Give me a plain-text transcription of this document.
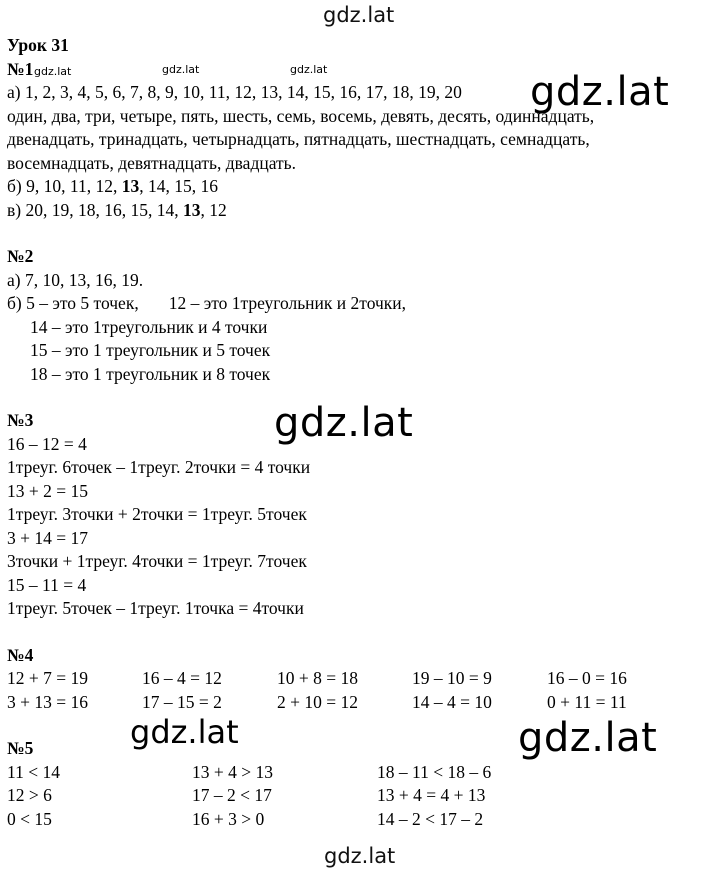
gdz.lat
gdz.lat	gdz.lat	gdz.lat	gdz.lat
gdz.lat
gdz.lat	gdz.lat
gdz.lat
Урок 31
№1
а) 1, 2, 3, 4, 5, 6, 7, 8, 9, 10, 11, 12, 13, 14, 15, 16, 17, 18, 19, 20
один, два, три, четыре, пять, шесть, семь, восемь, девять, десять, одиннадцать,
двенадцать, тринадцать, четырнадцать, пятнадцать, шестнадцать, семнадцать,
восемнадцать, девятнадцать, двадцать.
б) 9, 10, 11, 12, 13, 14, 15, 16
в) 20, 19, 18, 16, 15, 14, 13, 12
№2
а) 7, 10, 13, 16, 19.
б) 5 – это 5 точек, 12 – это 1треугольник и 2точки,
14 – это 1треугольник и 4 точки
15 – это 1 треугольник и 5 точек
18 – это 1 треугольник и 8 точек
№3
16 – 12 = 4
1треуг. 6точек – 1треуг. 2точки = 4 точки
13 + 2 = 15
1треуг. 3точки + 2точки = 1треуг. 5точек
3 + 14 = 17
3точки + 1треуг. 4точки = 1треуг. 7точек
15 – 11 = 4
1треуг. 5точек – 1треуг. 1точка = 4точки
№4
12 + 7 = 19	16 – 4 = 12	10 + 8 = 18	19 – 10 = 9	16 – 0 = 16
3 + 13 = 16	17 – 15 = 2	2 + 10 = 12	14 – 4 = 10	0 + 11 = 11
№5
11 < 14	13 + 4 > 13	18 – 11 < 18 – 6
12 > 6	17 – 2 < 17	13 + 4 = 4 + 13
0 < 15	16 + 3 > 0	14 – 2 < 17 – 2
